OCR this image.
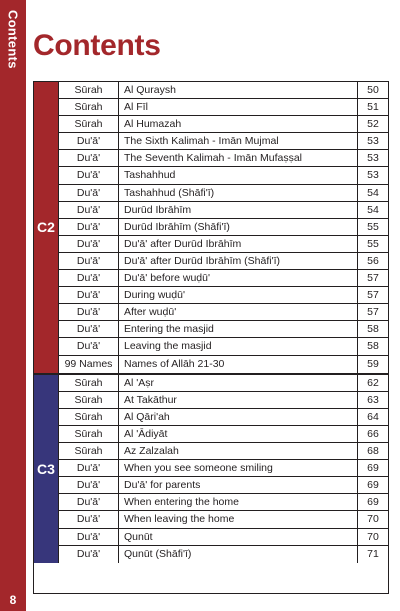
Contents
8
Contents
C2
Sūrah	Al Quraysh	50
Sūrah	Al Fīl	51
Sūrah	Al Humazah	52
Du'ā'	The Sixth Kalimah - Imān Mujmal	53
Du'ā'	The Seventh Kalimah - Imān Mufaṣṣal	53
Du'ā'	Tashahhud	53
Du'ā'	Tashahhud (Shāfi'ī)	54
Du'ā'	Durūd Ibrāhīm	54
Du'ā'	Durūd Ibrāhīm (Shāfi'ī)	55
Du'ā'	Du'ā' after Durūd Ibrāhīm	55
Du'ā'	Du'ā' after Durūd Ibrāhīm (Shāfi'ī)	56
Du'ā'	Du'ā' before wuḍū'	57
Du'ā'	During wuḍū'	57
Du'ā'	After wuḍū'	57
Du'ā'	Entering the masjid	58
Du'ā'	Leaving the masjid	58
99 Names	Names of Allāh 21-30	59
C3
Sūrah	Al 'Aṣr	62
Sūrah	At Takāthur	63
Sūrah	Al Qāri'ah	64
Sūrah	Al 'Ādiyāt	66
Sūrah	Az Zalzalah	68
Du'ā'	When you see someone smiling	69
Du'ā'	Du'ā' for parents	69
Du'ā'	When entering the home	69
Du'ā'	When leaving the home	70
Du'ā'	Qunūt	70
Du'ā'	Qunūt (Shāfi'ī)	71
